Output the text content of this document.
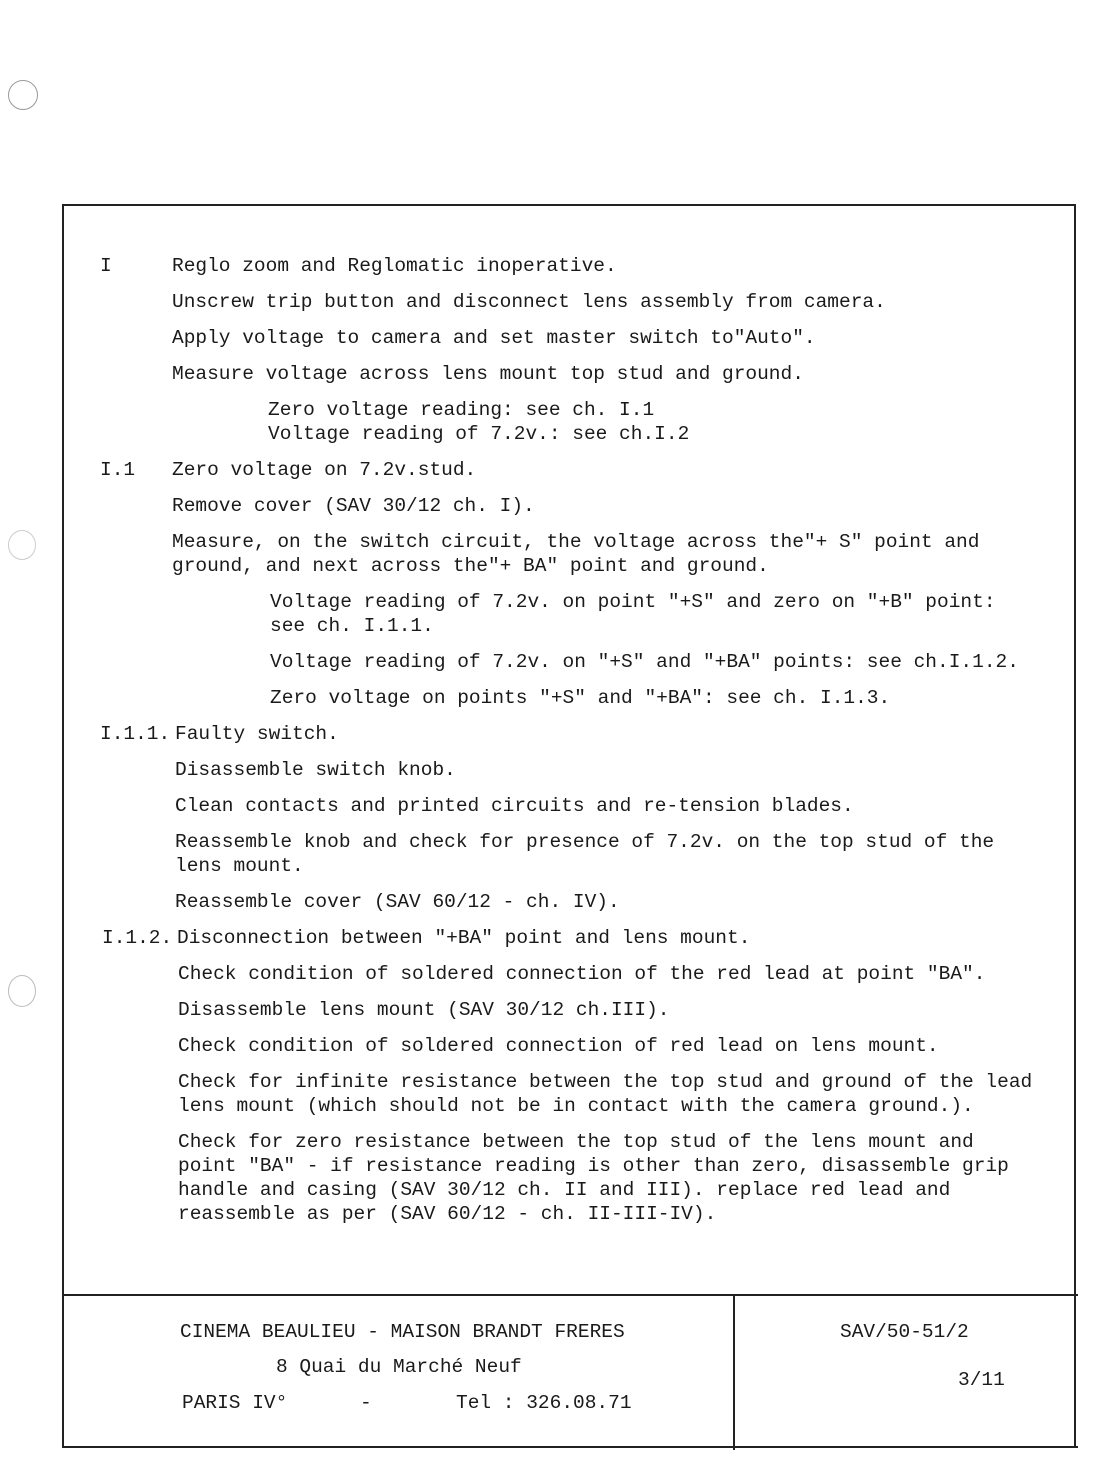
I	Reglo zoom and Reglomatic inoperative.
Unscrew trip button and disconnect lens assembly from camera.
Apply voltage to camera and set master switch to"Auto".
Measure voltage across lens mount top stud and ground.
Zero voltage reading: see ch. I.1
Voltage reading of 7.2v.: see ch.I.2
I.1 Zero voltage on 7.2v.stud.
Remove cover (SAV 30/12 ch. I).
Measure, on the switch circuit, the voltage across the"+ S" point and
ground, and next across the"+ BA" point and ground.
Voltage reading of 7.2v. on point "+S" and zero on "+B" point:
see ch. I.1.1.
Voltage reading of 7.2v. on "+S" and "+BA" points: see ch.I.1.2.
Zero voltage on points "+S" and "+BA": see ch. I.1.3.
I.1.1. Faulty switch.
Disassemble switch knob.
Clean contacts and printed circuits and re-tension blades.
Reassemble knob and check for presence of 7.2v. on the top stud of the
lens mount.
Reassemble cover (SAV 60/12 - ch. IV).
I.1.2. Disconnection between "+BA" point and lens mount.
Check condition of soldered connection of the red lead at point "BA".
Disassemble lens mount (SAV 30/12 ch.III).
Check condition of soldered connection of red lead on lens mount.
Check for infinite resistance between the top stud and ground of the lead
lens mount (which should not be in contact with the camera ground.).
Check for zero resistance between the top stud of the lens mount and
point "BA" - if resistance reading is other than zero, disassemble grip
handle and casing (SAV 30/12 ch. II and III). replace red lead and
reassemble as per (SAV 60/12 - ch. II-III-IV).
CINEMA BEAULIEU - MAISON BRANDT FRERES
8 Quai du Marché Neuf
PARIS IV°	-	Tel : 326.08.71
SAV/50-51/2
3/11
